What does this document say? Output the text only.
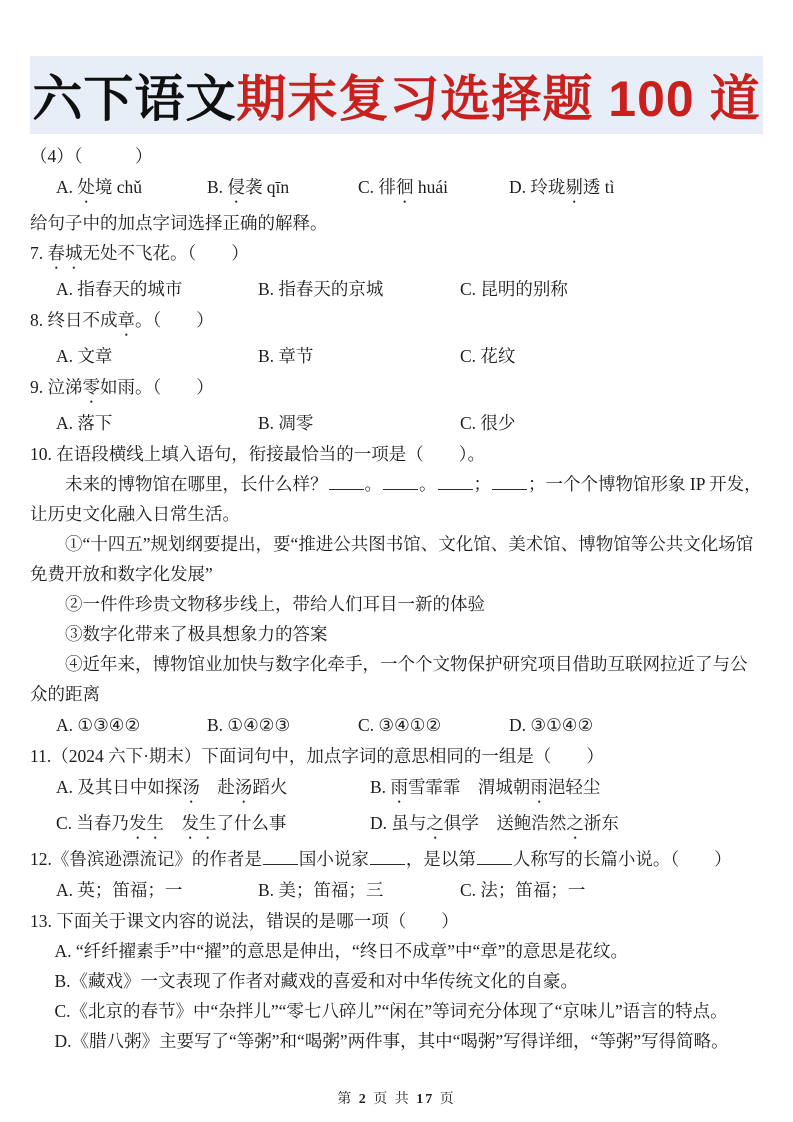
六下语文 期末复习选择题 100 道

（4）（　　　）

A. 处境 chǔ	B. 侵袭 qīn	C. 徘徊 huái	D. 玲珑剔透 tì

给句子中的加点字词选择正确的解释。

7. 春城无处不飞花。（　　）

A. 指春天的城市	B. 指春天的京城	C. 昆明的别称

8. 终日不成章。（　　）

A. 文章	B. 章节	C. 花纹

9. 泣涕零如雨。（　　）

A. 落下	B. 凋零	C. 很少

10. 在语段横线上填入语句，衔接最恰当的一项是（　　）。

未来的博物馆在哪里，长什么样？ 。 。 ； ；一个个博物馆形象 IP 开发，让历史文化融入日常生活。

①“十四五”规划纲要提出，要“推进公共图书馆、文化馆、美术馆、博物馆等公共文化场馆免费开放和数字化发展”

②一件件珍贵文物移步线上，带给人们耳目一新的体验

③数字化带来了极具想象力的答案

④近年来，博物馆业加快与数字化牵手，一个个文物保护研究项目借助互联网拉近了与公众的距离

A. ①③④②	B. ①④②③	C. ③④①②	D. ③①④②

11.（2024 六下·期末）下面词句中，加点字词的意思相同的一组是（　　）

A. 及其日中如探汤　赴汤蹈火	B. 雨雪霏霏　渭城朝雨浥轻尘
C. 当春乃发生　 发生了什么事	D. 虽与之俱学　送鲍浩然之浙东

12.《鲁滨逊漂流记》的作者是 国小说家 ，是以第 人称写的长篇小说。（　　）

A. 英；笛福；一	B. 美；笛福；三	C. 法；笛福；一

13. 下面关于课文内容的说法，错误的是哪一项（　　）

A. “纤纤擢素手”中“擢”的意思是伸出，“终日不成章”中“章”的意思是花纹。

B.《藏戏》一文表现了作者对藏戏的喜爱和对中华传统文化的自豪。

C.《北京的春节》中“杂拌儿”“零七八碎儿”“闲在”等词充分体现了“京味儿”语言的特点。

D.《腊八粥》主要写了“等粥”和“喝粥”两件事，其中“喝粥”写得详细，“等粥”写得简略。

第 2 页 共 17 页
